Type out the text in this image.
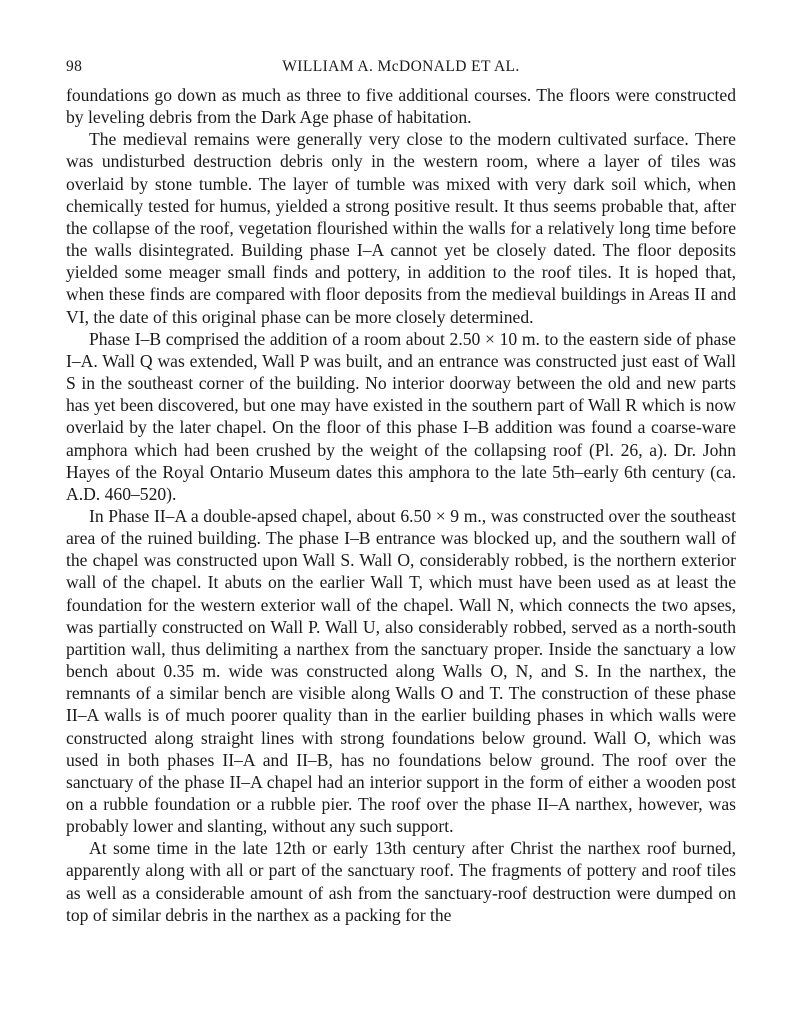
98	WILLIAM A. McDONALD ET AL.

foundations go down as much as three to five additional courses. The floors were constructed by leveling debris from the Dark Age phase of habitation.

The medieval remains were generally very close to the modern cultivated surface. There was undisturbed destruction debris only in the western room, where a layer of tiles was overlaid by stone tumble. The layer of tumble was mixed with very dark soil which, when chemically tested for humus, yielded a strong positive result. It thus seems probable that, after the collapse of the roof, vegetation flourished within the walls for a relatively long time before the walls disintegrated. Building phase I–A cannot yet be closely dated. The floor deposits yielded some meager small finds and pottery, in addition to the roof tiles. It is hoped that, when these finds are compared with floor deposits from the medieval buildings in Areas II and VI, the date of this original phase can be more closely determined.

Phase I–B comprised the addition of a room about 2.50 × 10 m. to the eastern side of phase I–A. Wall Q was extended, Wall P was built, and an entrance was constructed just east of Wall S in the southeast corner of the building. No interior doorway between the old and new parts has yet been discovered, but one may have existed in the southern part of Wall R which is now overlaid by the later chapel. On the floor of this phase I–B addition was found a coarse-ware amphora which had been crushed by the weight of the collapsing roof (Pl. 26, a). Dr. John Hayes of the Royal Ontario Museum dates this amphora to the late 5th–early 6th century (ca. A.D. 460–520).

In Phase II–A a double-apsed chapel, about 6.50 × 9 m., was constructed over the southeast area of the ruined building. The phase I–B entrance was blocked up, and the southern wall of the chapel was constructed upon Wall S. Wall O, considerably robbed, is the northern exterior wall of the chapel. It abuts on the earlier Wall T, which must have been used as at least the foundation for the western exterior wall of the chapel. Wall N, which connects the two apses, was partially constructed on Wall P. Wall U, also considerably robbed, served as a north-south partition wall, thus delimiting a narthex from the sanctuary proper. Inside the sanctuary a low bench about 0.35 m. wide was constructed along Walls O, N, and S. In the narthex, the remnants of a similar bench are visible along Walls O and T. The construction of these phase II–A walls is of much poorer quality than in the earlier building phases in which walls were constructed along straight lines with strong foundations below ground. Wall O, which was used in both phases II–A and II–B, has no foundations below ground. The roof over the sanctuary of the phase II–A chapel had an interior support in the form of either a wooden post on a rubble foundation or a rubble pier. The roof over the phase II–A narthex, however, was probably lower and slanting, without any such support.

At some time in the late 12th or early 13th century after Christ the narthex roof burned, apparently along with all or part of the sanctuary roof. The fragments of pottery and roof tiles as well as a considerable amount of ash from the sanctuary-roof destruction were dumped on top of similar debris in the narthex as a packing for the
